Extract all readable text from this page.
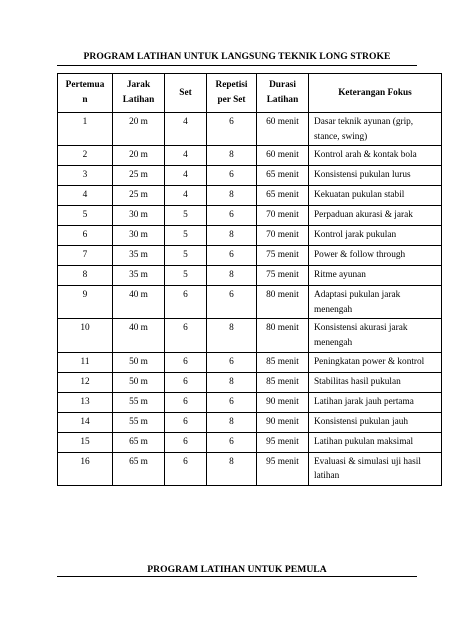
PROGRAM LATIHAN UNTUK LANGSUNG TEKNIK LONG STROKE
Pertemua n	Jarak Latihan	Set	Repetisi per Set	Durasi Latihan	Keterangan Fokus
1	20 m	4	6	60 menit	Dasar teknik ayunan (grip, stance, swing)
2	20 m	4	8	60 menit	Kontrol arah & kontak bola
3	25 m	4	6	65 menit	Konsistensi pukulan lurus
4	25 m	4	8	65 menit	Kekuatan pukulan stabil
5	30 m	5	6	70 menit	Perpaduan akurasi & jarak
6	30 m	5	8	70 menit	Kontrol jarak pukulan
7	35 m	5	6	75 menit	Power & follow through
8	35 m	5	8	75 menit	Ritme ayunan
9	40 m	6	6	80 menit	Adaptasi pukulan jarak menengah
10	40 m	6	8	80 menit	Konsistensi akurasi jarak menengah
11	50 m	6	6	85 menit	Peningkatan power & kontrol
12	50 m	6	8	85 menit	Stabilitas hasil pukulan
13	55 m	6	6	90 menit	Latihan jarak jauh pertama
14	55 m	6	8	90 menit	Konsistensi pukulan jauh
15	65 m	6	6	95 menit	Latihan pukulan maksimal
16	65 m	6	8	95 menit	Evaluasi & simulasi uji hasil latihan
PROGRAM LATIHAN UNTUK PEMULA
